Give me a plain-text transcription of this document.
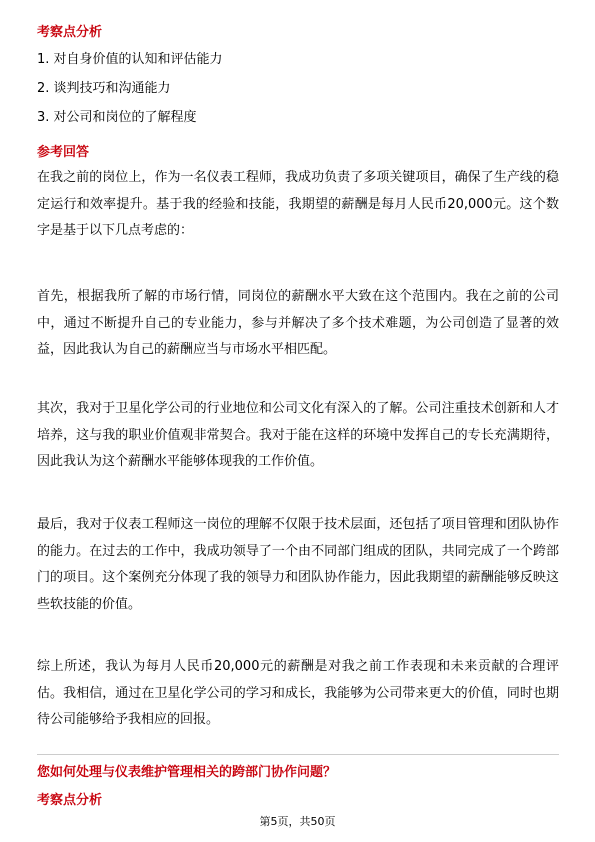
考察点分析
1. 对自身价值的认知和评估能力
2. 谈判技巧和沟通能力
3. 对公司和岗位的了解程度
参考回答
在我之前的岗位上，作为一名仪表工程师，我成功负责了多项关键项目，确保了生产线的稳定运行和效率提升。基于我的经验和技能，我期望的薪酬是每月人民币20,000元。这个数字是基于以下几点考虑的：
首先，根据我所了解的市场行情，同岗位的薪酬水平大致在这个范围内。我在之前的公司中，通过不断提升自己的专业能力，参与并解决了多个技术难题，为公司创造了显著的效益，因此我认为自己的薪酬应当与市场水平相匹配。
其次，我对于卫星化学公司的行业地位和公司文化有深入的了解。公司注重技术创新和人才培养，这与我的职业价值观非常契合。我对于能在这样的环境中发挥自己的专长充满期待，因此我认为这个薪酬水平能够体现我的工作价值。
最后，我对于仪表工程师这一岗位的理解不仅限于技术层面，还包括了项目管理和团队协作的能力。在过去的工作中，我成功领导了一个由不同部门组成的团队，共同完成了一个跨部门的项目。这个案例充分体现了我的领导力和团队协作能力，因此我期望的薪酬能够反映这些软技能的价值。
综上所述，我认为每月人民币20,000元的薪酬是对我之前工作表现和未来贡献的合理评估。我相信，通过在卫星化学公司的学习和成长，我能够为公司带来更大的价值，同时也期待公司能够给予我相应的回报。
您如何处理与仪表维护管理相关的跨部门协作问题？
考察点分析
第5页，共50页
